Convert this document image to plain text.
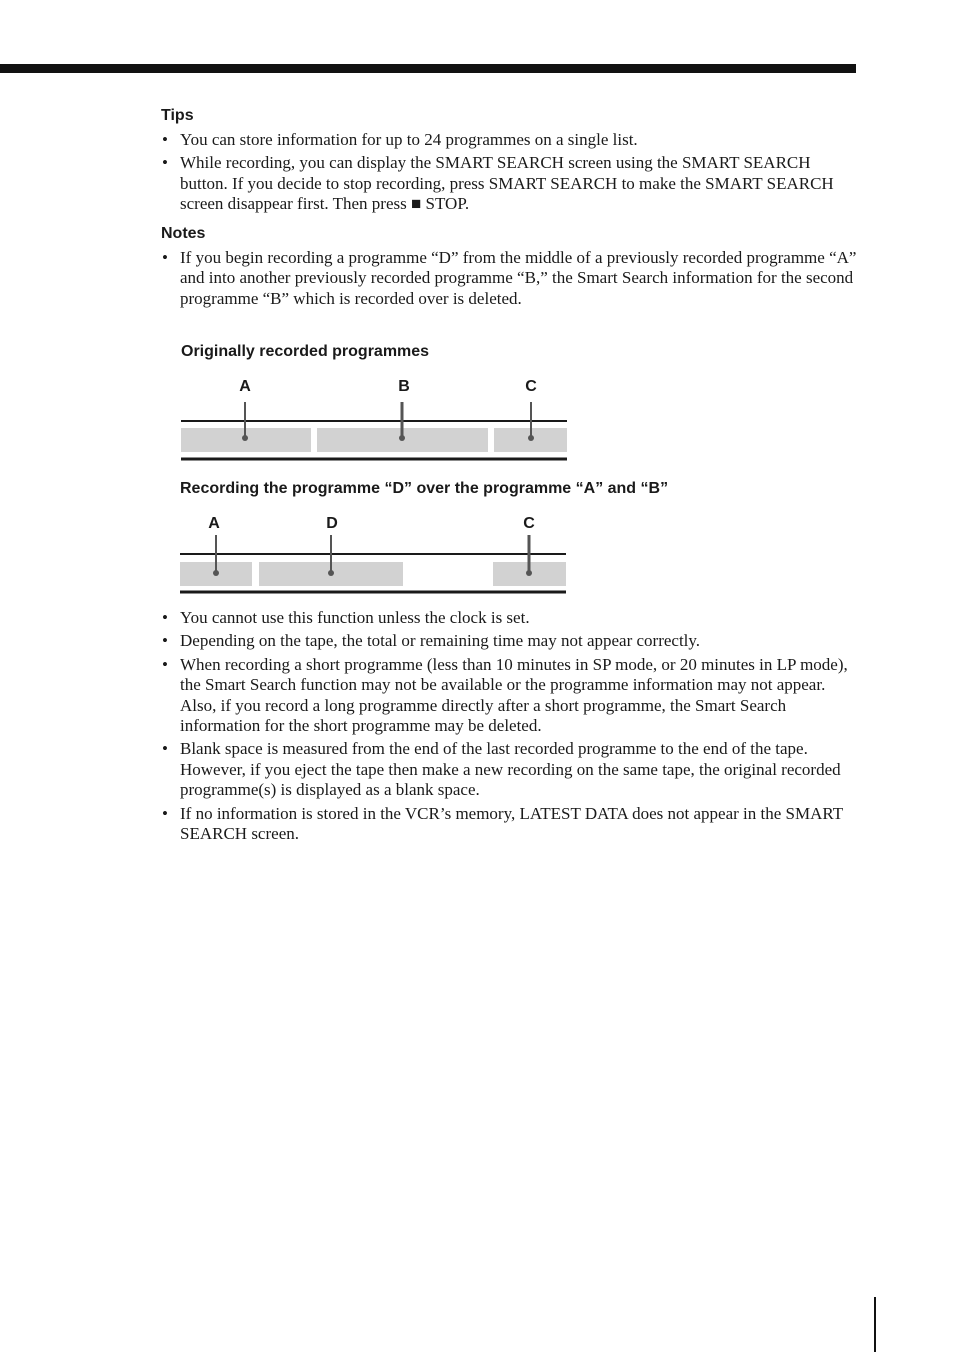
Tips
• You can store information for up to 24 programmes on a single list.
• While recording, you can display the SMART SEARCH screen using the SMART SEARCH button. If you decide to stop recording, press SMART SEARCH to make the SMART SEARCH screen disappear first. Then press ■ STOP.
Notes
• If you begin recording a programme “D” from the middle of a previously recorded programme “A” and into another previously recorded programme “B,” the Smart Search information for the second programme “B” which is recorded over is deleted.

Originally recorded programmes

A	B	C

Recording the programme “D” over the programme “A” and “B”

A	D	C
• You cannot use this function unless the clock is set.
• Depending on the tape, the total or remaining time may not appear correctly.
• When recording a short programme (less than 10 minutes in SP mode, or 20 minutes in LP mode), the Smart Search function may not be available or the programme information may not appear. Also, if you record a long programme directly after a short programme, the Smart Search information for the short programme may be deleted.
• Blank space is measured from the end of the last recorded programme to the end of the tape. However, if you eject the tape then make a new recording on the same tape, the original recorded programme(s) is displayed as a blank space.
• If no information is stored in the VCR’s memory, LATEST DATA does not appear in the SMART SEARCH screen.
